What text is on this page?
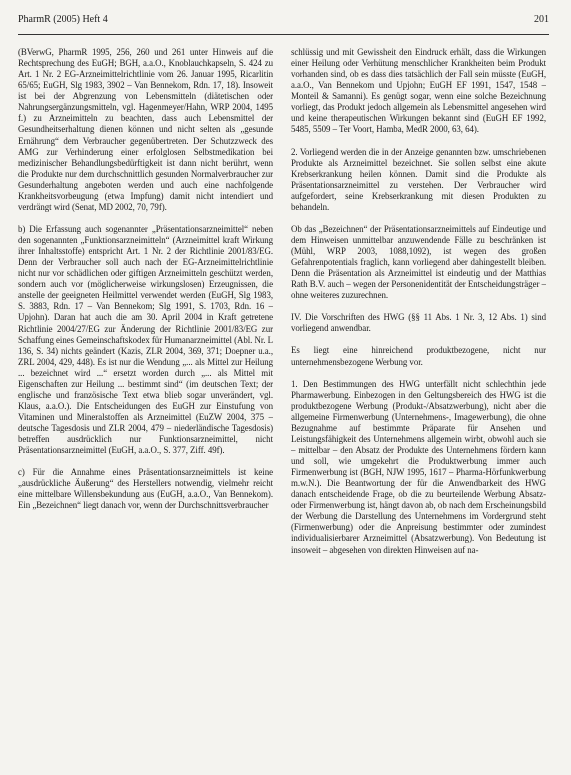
PharmR (2005) Heft 4	201

(BVerwG, PharmR 1995, 256, 260 und 261 unter Hinweis auf die Rechtsprechung des EuGH; BGH, a.a.O., Knoblauchkapseln, S. 424 zu Art. 1 Nr. 2 EG-Arzneimittelrichtlinie vom 26. Januar 1995, Ricarlitin 65/65; EuGH, Slg 1983, 3902 – Van Bennekom, Rdn. 17, 18). Insoweit ist bei der Abgrenzung von Lebensmitteln (diätetischen oder Nahrungsergänzungsmitteln, vgl. Hagenmeyer/Hahn, WRP 2004, 1495 f.) zu Arzneimitteln zu beachten, dass auch Lebensmittel der Gesundheitserhaltung dienen können und nicht selten als „gesunde Ernährung“ dem Verbraucher gegenübertreten. Der Schutzzweck des AMG zur Verhinderung einer erfolglosen Selbstmedikation bei medizinischer Behandlungsbedürftigkeit ist dann nicht berührt, wenn die Produkte nur dem durchschnittlich gesunden Normalverbraucher zur Gesunderhaltung angeboten werden und auch eine nachfolgende Krankheitsvorbeugung (etwa Impfung) damit nicht intendiert und verdrängt wird (Senat, MD 2002, 70, 79f).

b) Die Erfassung auch sogenannter „Präsentationsarzneimittel“ neben den sogenannten „Funktionsarzneimitteln“ (Arzneimittel kraft Wirkung ihrer Inhaltsstoffe) entspricht Art. 1 Nr. 2 der Richtlinie 2001/83/EG. Denn der Verbraucher soll auch nach der EG-Arzneimittelrichtlinie nicht nur vor schädlichen oder giftigen Arzneimitteln geschützt werden, sondern auch vor (möglicherweise wirkungslosen) Erzeugnissen, die anstelle der geeigneten Heilmittel verwendet werden (EuGH, Slg 1983, S. 3883, Rdn. 17 – Van Bennekom; Slg 1991, S. 1703, Rdn. 16 – Upjohn). Daran hat auch die am 30. April 2004 in Kraft getretene Richtlinie 2004/27/EG zur Änderung der Richtlinie 2001/83/EG zur Schaffung eines Gemeinschaftskodex für Humanarzneimittel (Abl. Nr. L 136, S. 34) nichts geändert (Kazis, ZLR 2004, 369, 371; Doepner u.a., ZRL 2004, 429, 448). Es ist nur die Wendung „... als Mittel zur Heilung ... bezeichnet wird ...“ ersetzt worden durch „... als Mittel mit Eigenschaften zur Heilung ... bestimmt sind“ (im deutschen Text; der englische und französische Text etwa blieb sogar unverändert, vgl. Klaus, a.a.O.). Die Entscheidungen des EuGH zur Einstufung von Vitaminen und Mineralstoffen als Arzneimittel (EuZW 2004, 375 – deutsche Tagesdosis und ZLR 2004, 479 – niederländische Tagesdosis) betreffen ausdrücklich nur Funktionsarzneimittel, nicht Präsentationsarzneimittel (EuGH, a.a.O., S. 377, Ziff. 49f).

c) Für die Annahme eines Präsentationsarzneimittels ist keine „ausdrückliche Äußerung“ des Herstellers notwendig, vielmehr reicht eine mittelbare Willensbekundung aus (EuGH, a.a.O., Van Bennekom). Ein „Bezeichnen“ liegt danach vor, wenn der Durchschnittsverbraucher

schlüssig und mit Gewissheit den Eindruck erhält, dass die Wirkungen einer Heilung oder Verhütung menschlicher Krankheiten beim Produkt vorhanden sind, ob es dass dies tatsächlich der Fall sein müsste (EuGH, a.a.O., Van Bennekom und Upjohn; EuGH EF 1991, 1547, 1548 – Monteil & Samanni). Es genügt sogar, wenn eine solche Bezeichnung vorliegt, das Produkt jedoch allgemein als Lebensmittel angesehen wird und keine therapeutischen Wirkungen bekannt sind (EuGH EF 1992, 5485, 5509 – Ter Voort, Hamba, MedR 2000, 63, 64).

2. Vorliegend werden die in der Anzeige genannten bzw. umschriebenen Produkte als Arzneimittel bezeichnet. Sie sollen selbst eine akute Krebserkrankung heilen können. Damit sind die Produkte als Präsentationsarzneimittel zu verstehen. Der Verbraucher wird aufgefordert, seine Krebserkrankung mit diesen Produkten zu behandeln.

Ob das „Bezeichnen“ der Präsentationsarzneimittels auf Eindeutige und dem Hinweisen unmittelbar anzuwendende Fälle zu beschränken ist (Mühl, WRP 2003, 1088,1092), ist wegen des großen Gefahrenpotentials fraglich, kann vorliegend aber dahingestellt bleiben. Denn die Präsentation als Arzneimittel ist eindeutig und der Matthias Rath B.V. auch – wegen der Personenidentität der Entscheidungsträger – ohne weiteres zuzurechnen.

IV. Die Vorschriften des HWG (§§ 11 Abs. 1 Nr. 3, 12 Abs. 1) sind vorliegend anwendbar.

Es liegt eine hinreichend produktbezogene, nicht nur unternehmensbezogene Werbung vor.

1. Den Bestimmungen des HWG unterfällt nicht schlechthin jede Pharmawerbung. Einbezogen in den Geltungsbereich des HWG ist die produktbezogene Werbung (Produkt-/Absatzwerbung), nicht aber die allgemeine Firmenwerbung (Unternehmens-, Imagewerbung), die ohne Bezugnahme auf bestimmte Präparate für Ansehen und Leistungsfähigkeit des Unternehmens allgemein wirbt, obwohl auch sie – mittelbar – den Absatz der Produkte des Unternehmens fördern kann und soll, wie umgekehrt die Produktwerbung immer auch Firmenwerbung ist (BGH, NJW 1995, 1617 – Pharma-Hörfunkwerbung m.w.N.). Die Beantwortung der für die Anwendbarkeit des HWG danach entscheidende Frage, ob die zu beurteilende Werbung Absatz- oder Firmenwerbung ist, hängt davon ab, ob nach dem Erscheinungsbild der Werbung die Darstellung des Unternehmens im Vordergrund steht (Firmenwerbung) oder die Anpreisung bestimmter oder zumindest individualisierbarer Arzneimittel (Absatzwerbung). Von Bedeutung ist insoweit – abgesehen von direkten Hinweisen auf na-
